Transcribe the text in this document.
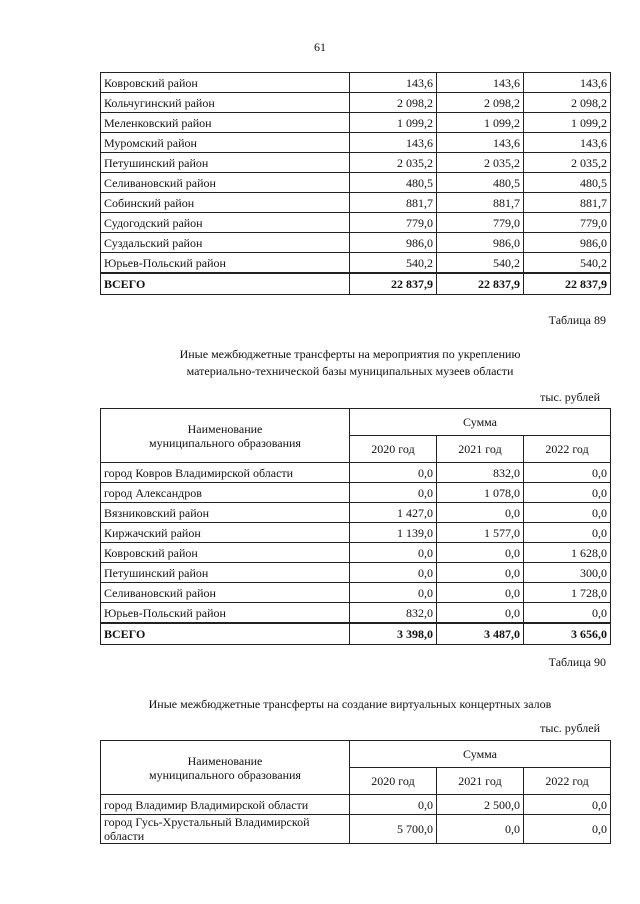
61
Ковровский район	143,6	143,6	143,6
Кольчугинский район	2 098,2	2 098,2	2 098,2
Меленковский район	1 099,2	1 099,2	1 099,2
Муромский район	143,6	143,6	143,6
Петушинский район	2 035,2	2 035,2	2 035,2
Селивановский район	480,5	480,5	480,5
Собинский район	881,7	881,7	881,7
Судогодский район	779,0	779,0	779,0
Суздальский район	986,0	986,0	986,0
Юрьев-Польский район	540,2	540,2	540,2
ВСЕГО	22 837,9	22 837,9	22 837,9
Таблица 89
Иные межбюджетные трансферты на мероприятия по укреплению
материально-технической базы муниципальных музеев области
тыс. рублей
Наименование
муниципального образования	Сумма		
	2020 год	2021 год	2022 год
город Ковров Владимирской области	0,0	832,0	0,0
город Александров	0,0	1 078,0	0,0
Вязниковский район	1 427,0	0,0	0,0
Киржачский район	1 139,0	1 577,0	0,0
Ковровский район	0,0	0,0	1 628,0
Петушинский район	0,0	0,0	300,0
Селивановский район	0,0	0,0	1 728,0
Юрьев-Польский район	832,0	0,0	0,0
ВСЕГО	3 398,0	3 487,0	3 656,0
Таблица 90
Иные межбюджетные трансферты на создание виртуальных концертных залов
тыс. рублей
Наименование
муниципального образования	Сумма		
	2020 год	2021 год	2022 год
город Владимир Владимирской области	0,0	2 500,0	0,0
город Гусь-Хрустальный Владимирской области	5 700,0	0,0	0,0
